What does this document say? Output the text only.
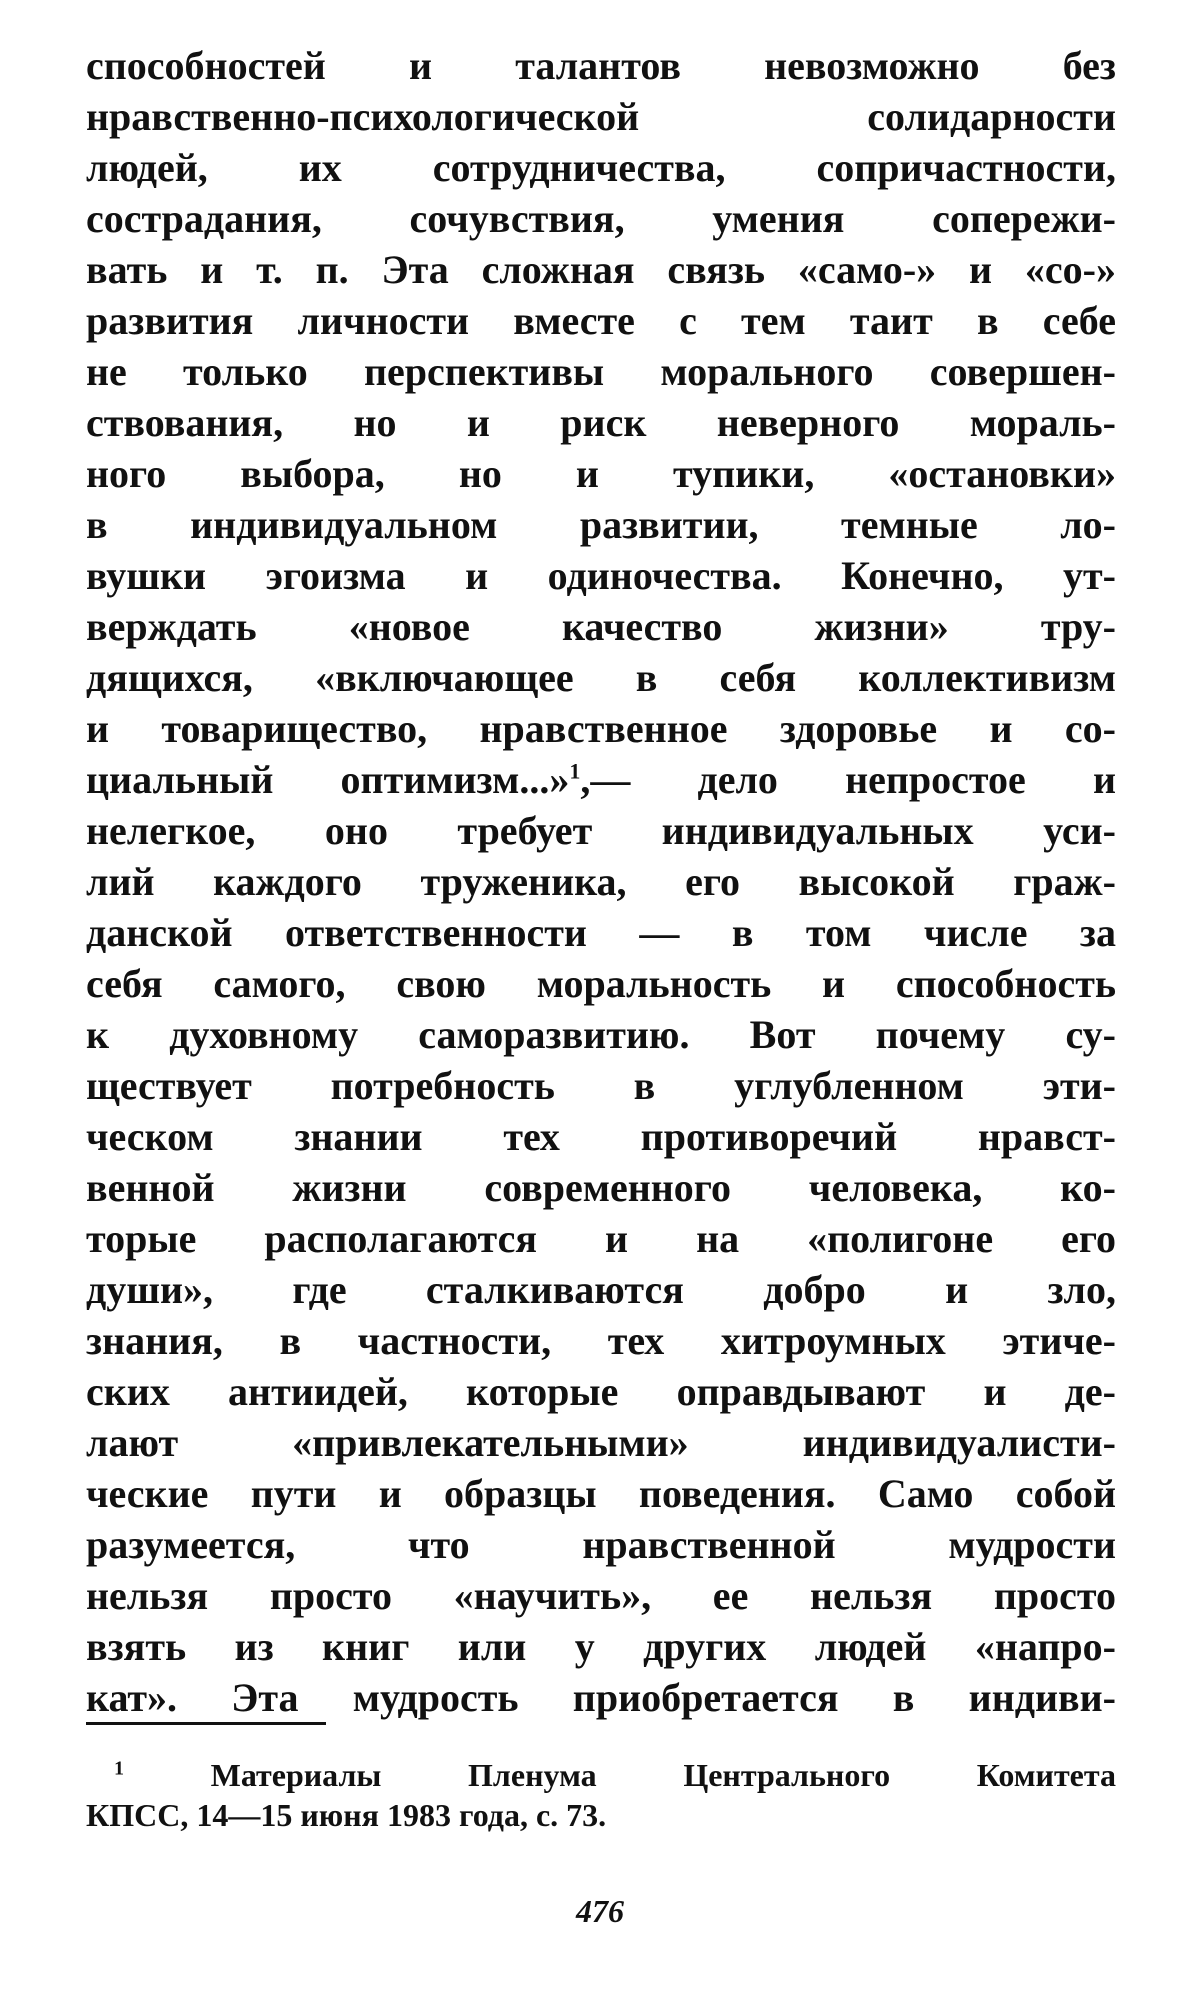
способностей и талантов невозможно без
нравственно-психологической солидарности
людей, их сотрудничества, сопричастности,
сострадания, сочувствия, умения сопережи-
вать и т. п. Эта сложная связь «само-» и «со-»
развития личности вместе с тем таит в себе
не только перспективы морального совершен-
ствования, но и риск неверного мораль-
ного выбора, но и тупики, «остановки»
в индивидуальном развитии, темные ло-
вушки эгоизма и одиночества. Конечно, ут-
верждать «новое качество жизни» тру-
дящихся, «включающее в себя коллективизм
и товарищество, нравственное здоровье и со-
циальный оптимизм...»$^1$,— дело непростое и
нелегкое, оно требует индивидуальных уси-
лий каждого труженика, его высокой граж-
данской ответственности — в том числе за
себя самого, свою моральность и способность
к духовному саморазвитию. Вот почему су-
ществует потребность в углубленном эти-
ческом знании тех противоречий нравст-
венной жизни современного человека, ко-
торые располагаются и на «полигоне его
души», где сталкиваются добро и зло,
знания, в частности, тех хитроумных этиче-
ских антиидей, которые оправдывают и де-
лают «привлекательными» индивидуалисти-
ческие пути и образцы поведения. Само собой
разумеется, что нравственной мудрости
нельзя просто «научить», ее нельзя просто
взять из книг или у других людей «напро-
кат». Эта мудрость приобретается в индиви-
$^1$	Материалы Пленума Центрального Комитета
КПСС, 14—15 июня 1983 года, с. 73.
476
